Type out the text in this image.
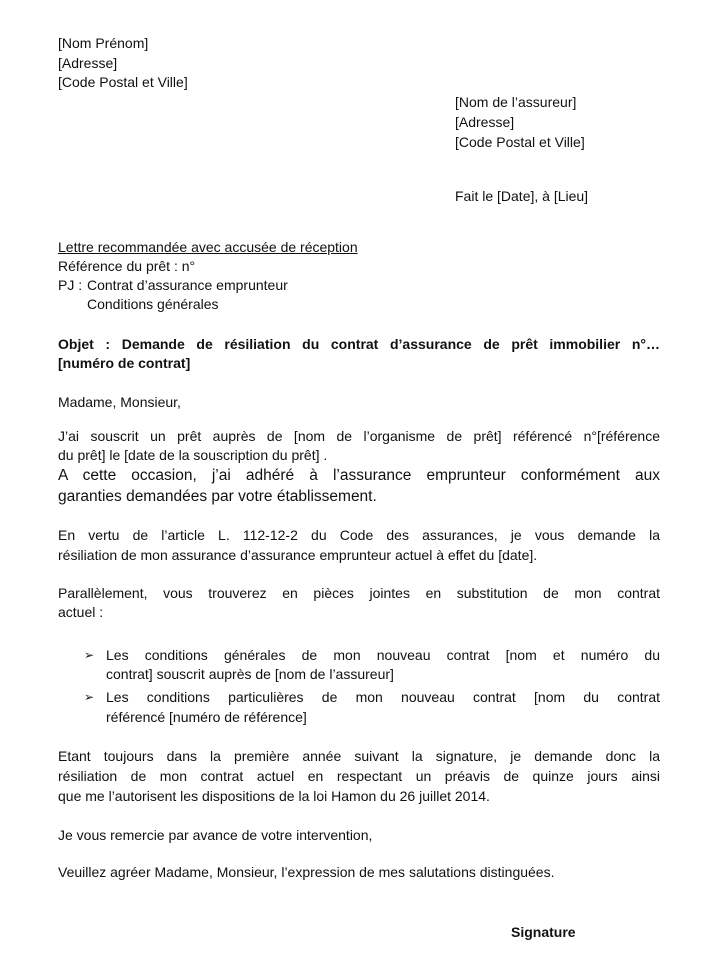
[Nom Prénom]
[Adresse]
[Code Postal et Ville]
[Nom de l’assureur]
[Adresse]
[Code Postal et Ville]
Fait le [Date], à [Lieu]
Lettre recommandée avec accusée de réception
Référence du prêt : n°
PJ : Contrat d’assurance emprunteur
Conditions générales
Objet : Demande de résiliation du contrat d’assurance de prêt immobilier n°…
[numéro de contrat]
Madame, Monsieur,
J’ai souscrit un prêt auprès de [nom de l’organisme de prêt] référencé n°[référence
du prêt] le [date de la souscription du prêt] .
A cette occasion, j’ai adhéré à l’assurance emprunteur conformément aux
garanties demandées par votre établissement.
En vertu de l’article L. 112-12-2 du Code des assurances, je vous demande la
résiliation de mon assurance d’assurance emprunteur actuel à effet du [date].
Parallèlement, vous trouverez en pièces jointes en substitution de mon contrat
actuel :
➢ Les conditions générales de mon nouveau contrat [nom et numéro du
contrat] souscrit auprès de [nom de l’assureur]
➢ Les conditions particulières de mon nouveau contrat [nom du contrat
référencé [numéro de référence]
Etant toujours dans la première année suivant la signature, je demande donc la
résiliation de mon contrat actuel en respectant un préavis de quinze jours ainsi
que me l’autorisent les dispositions de la loi Hamon du 26 juillet 2014.
Je vous remercie par avance de votre intervention,
Veuillez agréer Madame, Monsieur, l’expression de mes salutations distinguées.
Signature
